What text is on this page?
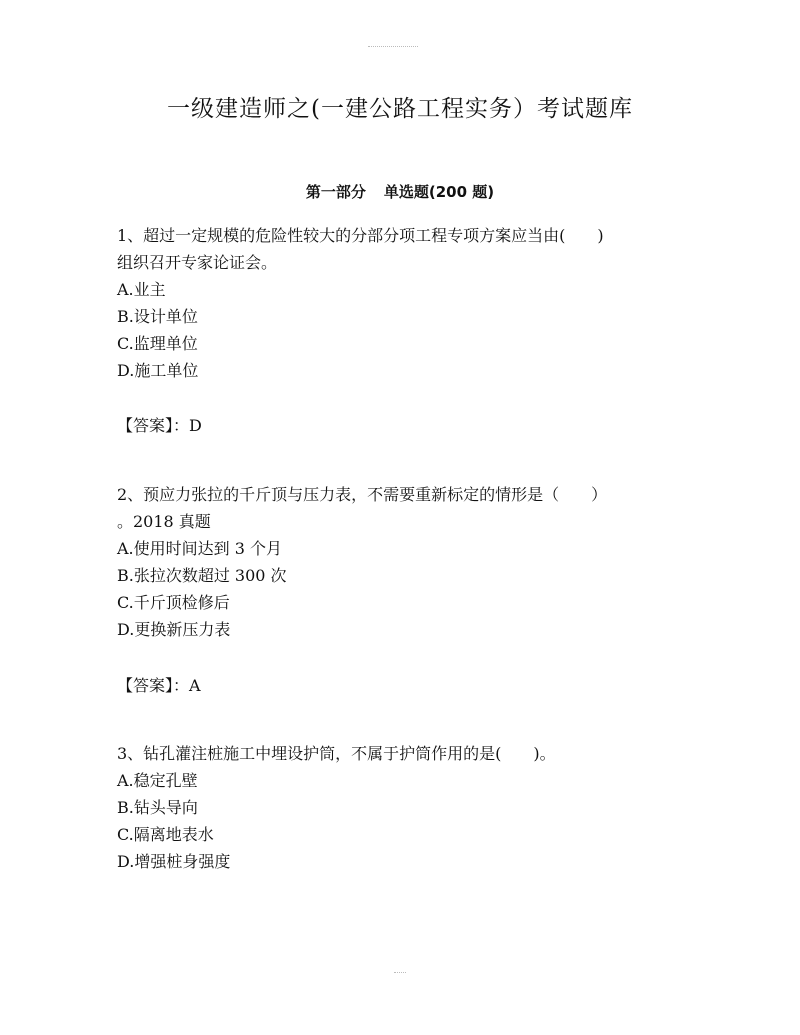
一级建造师之(一建公路工程实务）考试题库
第一部分 单选题(200 题)
1、超过一定规模的危险性较大的分部分项工程专项方案应当由(　　)
组织召开专家论证会。
A.业主
B.设计单位
C.监理单位
D.施工单位
【答案】：D
2、预应力张拉的千斤顶与压力表，不需要重新标定的情形是（　　）
。2018 真题
A.使用时间达到 3 个月
B.张拉次数超过 300 次
C.千斤顶检修后
D.更换新压力表
【答案】：A
3、钻孔灌注桩施工中埋设护筒，不属于护筒作用的是(　　)。
A.稳定孔壁
B.钻头导向
C.隔离地表水
D.增强桩身强度
